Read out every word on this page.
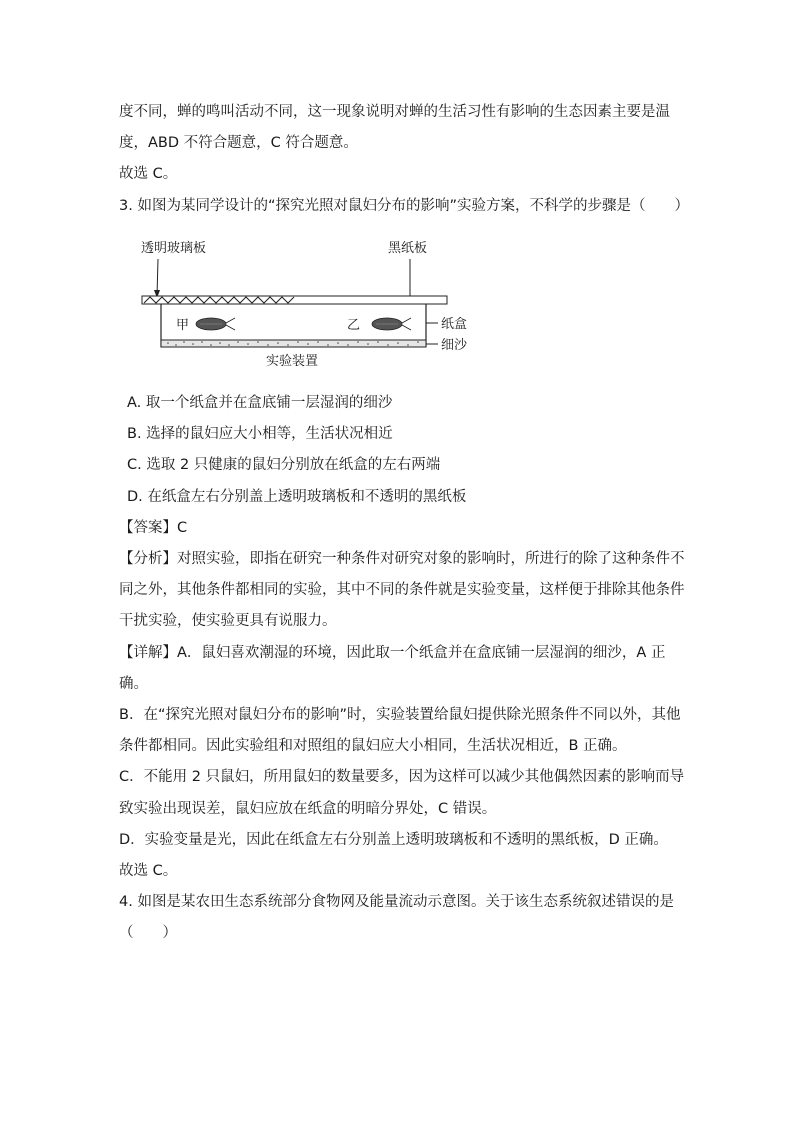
度不同，蝉的鸣叫活动不同，这一现象说明对蝉的生活习性有影响的生态因素主要是温
度，ABD 不符合题意，C 符合题意。
故选 C。
3. 如图为某同学设计的“探究光照对鼠妇分布的影响”实验方案，不科学的步骤是（　　）
透明玻璃板	黑纸板
甲	乙	纸盒
细沙
实验装置
A. 取一个纸盒并在盒底铺一层湿润的细沙
B. 选择的鼠妇应大小相等，生活状况相近
C. 选取 2 只健康的鼠妇分别放在纸盒的左右两端
D. 在纸盒左右分别盖上透明玻璃板和不透明的黑纸板
【答案】C
【分析】对照实验，即指在研究一种条件对研究对象的影响时，所进行的除了这种条件不
同之外，其他条件都相同的实验，其中不同的条件就是实验变量，这样便于排除其他条件
干扰实验，使实验更具有说服力。
【详解】A．鼠妇喜欢潮湿的环境，因此取一个纸盒并在盒底铺一层湿润的细沙，A 正
确。
B．在“探究光照对鼠妇分布的影响”时，实验装置给鼠妇提供除光照条件不同以外，其他
条件都相同。因此实验组和对照组的鼠妇应大小相同，生活状况相近，B 正确。
C．不能用 2 只鼠妇，所用鼠妇的数量要多，因为这样可以减少其他偶然因素的影响而导
致实验出现误差，鼠妇应放在纸盒的明暗分界处，C 错误。
D．实验变量是光，因此在纸盒左右分别盖上透明玻璃板和不透明的黑纸板，D 正确。
故选 C。
4. 如图是某农田生态系统部分食物网及能量流动示意图。关于该生态系统叙述错误的是
（　　）
